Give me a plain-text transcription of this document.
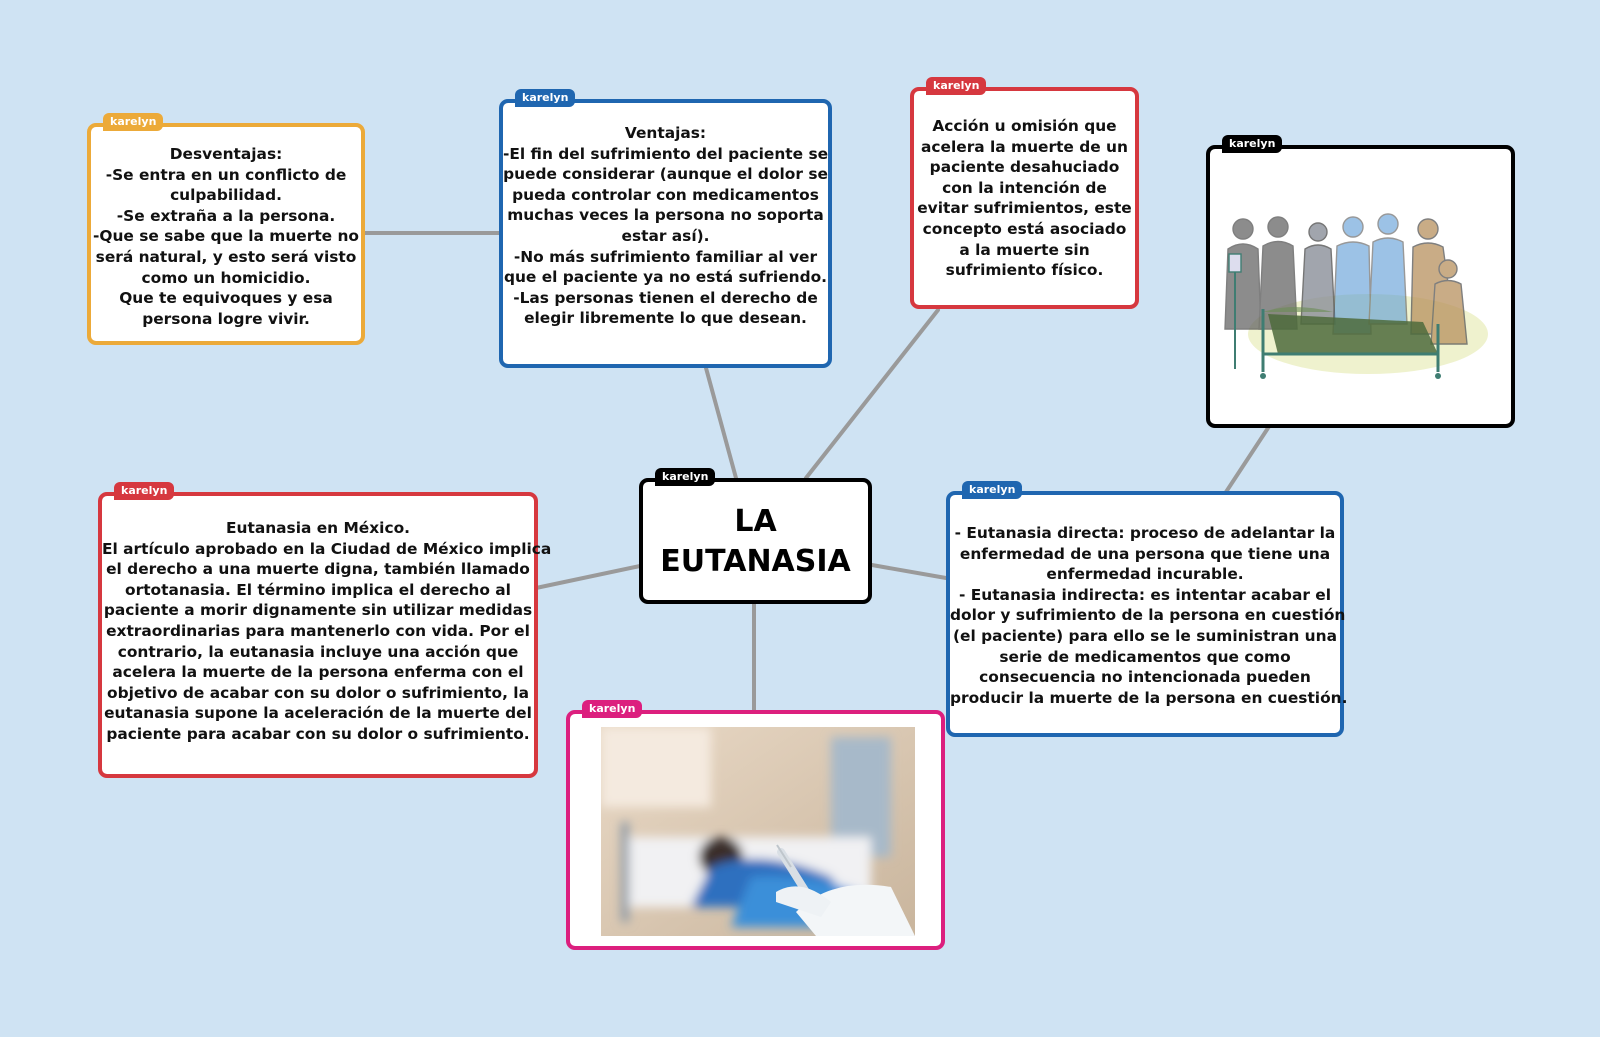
karelyn
Desventajas:
-Se entra en un conflicto de
culpabilidad.
-Se extraña a la persona.
-Que se sabe que la muerte no
será natural, y esto será visto
como un homicidio.
Que te equivoques y esa
persona logre vivir.
karelyn
Ventajas:
-El fin del sufrimiento del paciente se
puede considerar (aunque el dolor se
pueda controlar con medicamentos
muchas veces la persona no soporta
estar así).
-No más sufrimiento familiar al ver
que el paciente ya no está sufriendo.
-Las personas tienen el derecho de
elegir libremente lo que desean.
karelyn
Acción u omisión que
acelera la muerte de un
paciente desahuciado
con la intención de
evitar sufrimientos, este
concepto está asociado
a la muerte sin
sufrimiento físico.
karelyn
karelyn
LA
EUTANASIA
karelyn
Eutanasia en México.
El artículo aprobado en la Ciudad de México implica
el derecho a una muerte digna, también llamado
ortotanasia. El término implica el derecho al
paciente a morir dignamente sin utilizar medidas
extraordinarias para mantenerlo con vida. Por el
contrario, la eutanasia incluye una acción que
acelera la muerte de la persona enferma con el
objetivo de acabar con su dolor o sufrimiento, la
eutanasia supone la aceleración de la muerte del
paciente para acabar con su dolor o sufrimiento.
karelyn
- Eutanasia directa: proceso de adelantar la
enfermedad de una persona que tiene una
enfermedad incurable.
- Eutanasia indirecta: es intentar acabar el
dolor y sufrimiento de la persona en cuestión
(el paciente) para ello se le suministran una
serie de medicamentos que como
consecuencia no intencionada pueden
producir la muerte de la persona en cuestión.
karelyn
